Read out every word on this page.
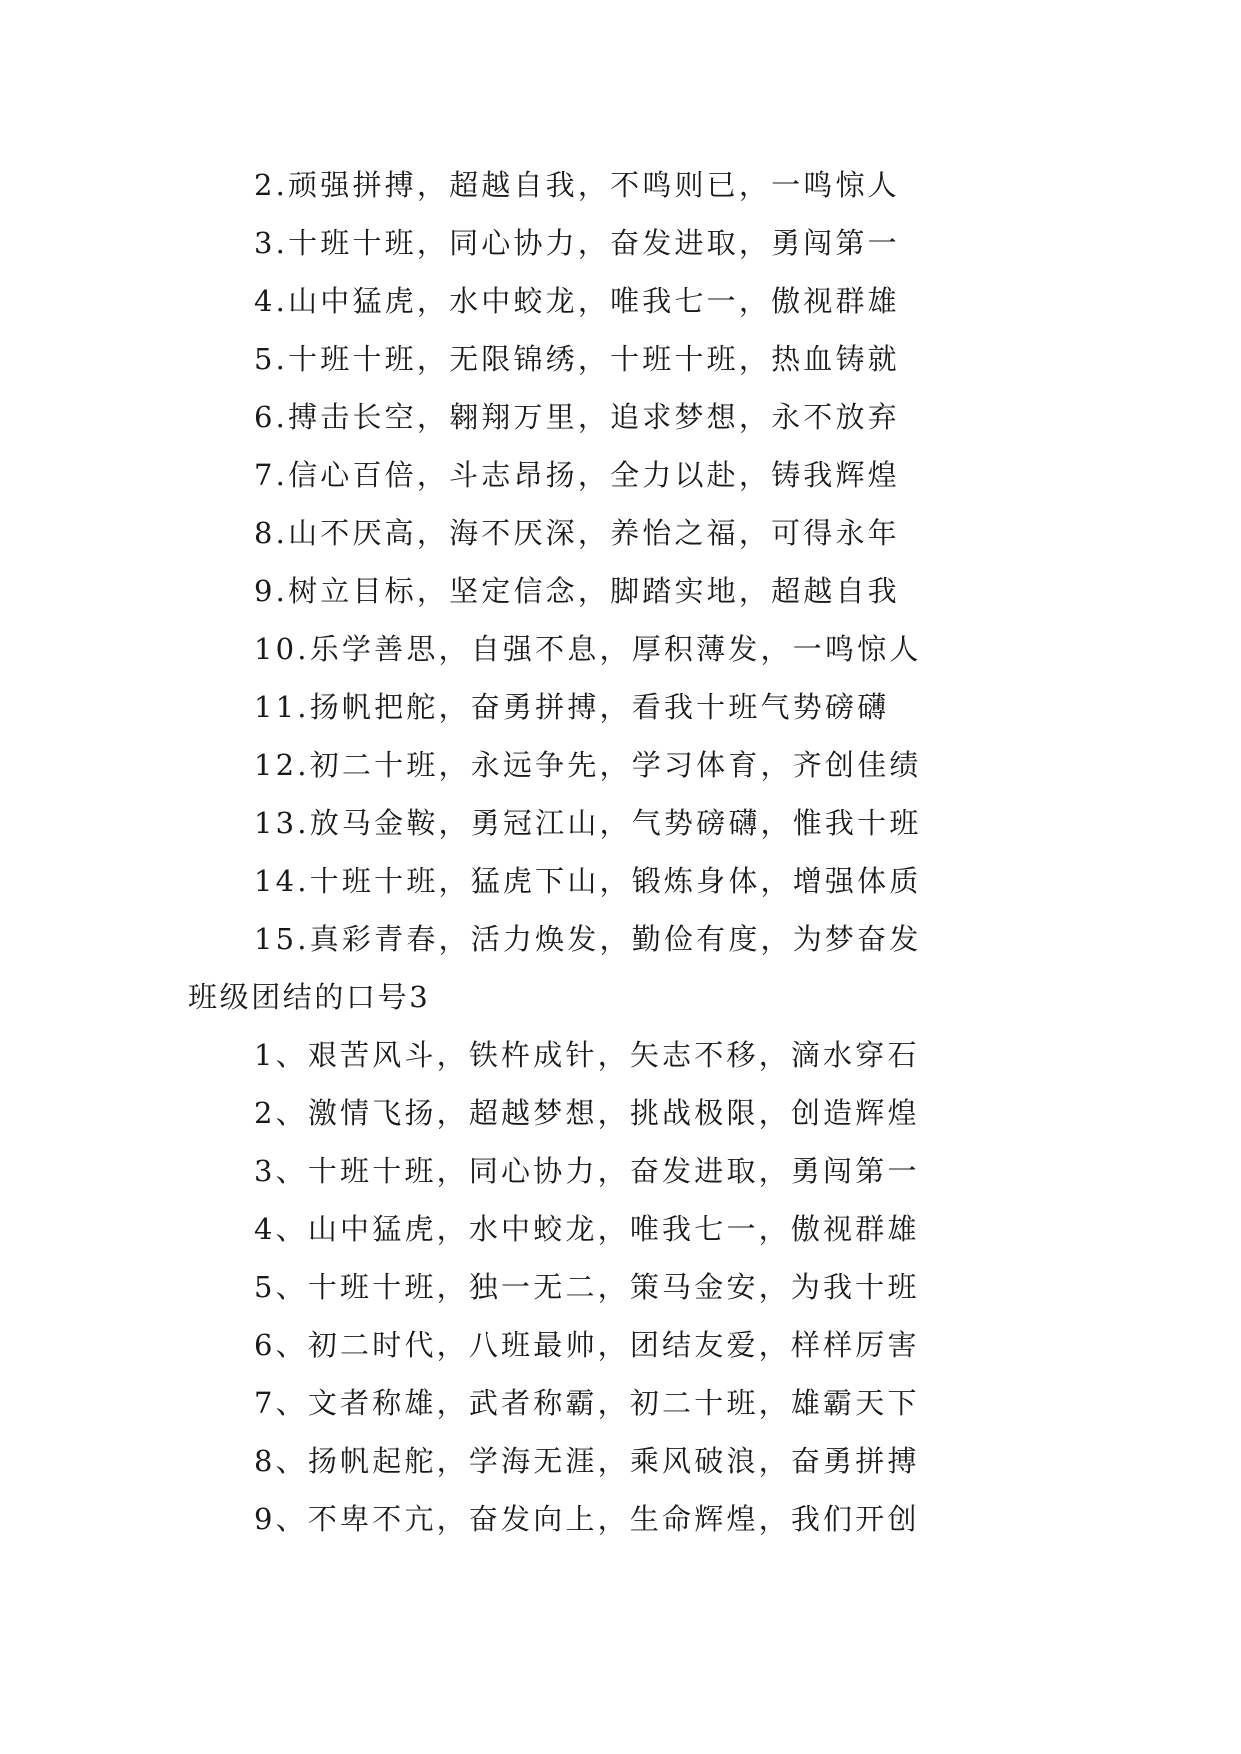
2.顽强拼搏，超越自我，不鸣则已，一鸣惊人
3.十班十班，同心协力，奋发进取，勇闯第一
4.山中猛虎，水中蛟龙，唯我七一，傲视群雄
5.十班十班，无限锦绣，十班十班，热血铸就
6.搏击长空，翱翔万里，追求梦想，永不放弃
7.信心百倍，斗志昂扬，全力以赴，铸我辉煌
8.山不厌高，海不厌深，养怡之福，可得永年
9.树立目标，坚定信念，脚踏实地，超越自我
10.乐学善思，自强不息，厚积薄发，一鸣惊人
11.扬帆把舵，奋勇拼搏，看我十班气势磅礴
12.初二十班，永远争先，学习体育，齐创佳绩
13.放马金鞍，勇冠江山，气势磅礴，惟我十班
14.十班十班，猛虎下山，锻炼身体，增强体质
15.真彩青春，活力焕发，勤俭有度，为梦奋发
班级团结的口号3
1、艰苦风斗，铁杵成针，矢志不移，滴水穿石
2、激情飞扬，超越梦想，挑战极限，创造辉煌
3、十班十班，同心协力，奋发进取，勇闯第一
4、山中猛虎，水中蛟龙，唯我七一，傲视群雄
5、十班十班，独一无二，策马金安，为我十班
6、初二时代，八班最帅，团结友爱，样样厉害
7、文者称雄，武者称霸，初二十班，雄霸天下
8、扬帆起舵，学海无涯，乘风破浪，奋勇拼搏
9、不卑不亢，奋发向上，生命辉煌，我们开创
